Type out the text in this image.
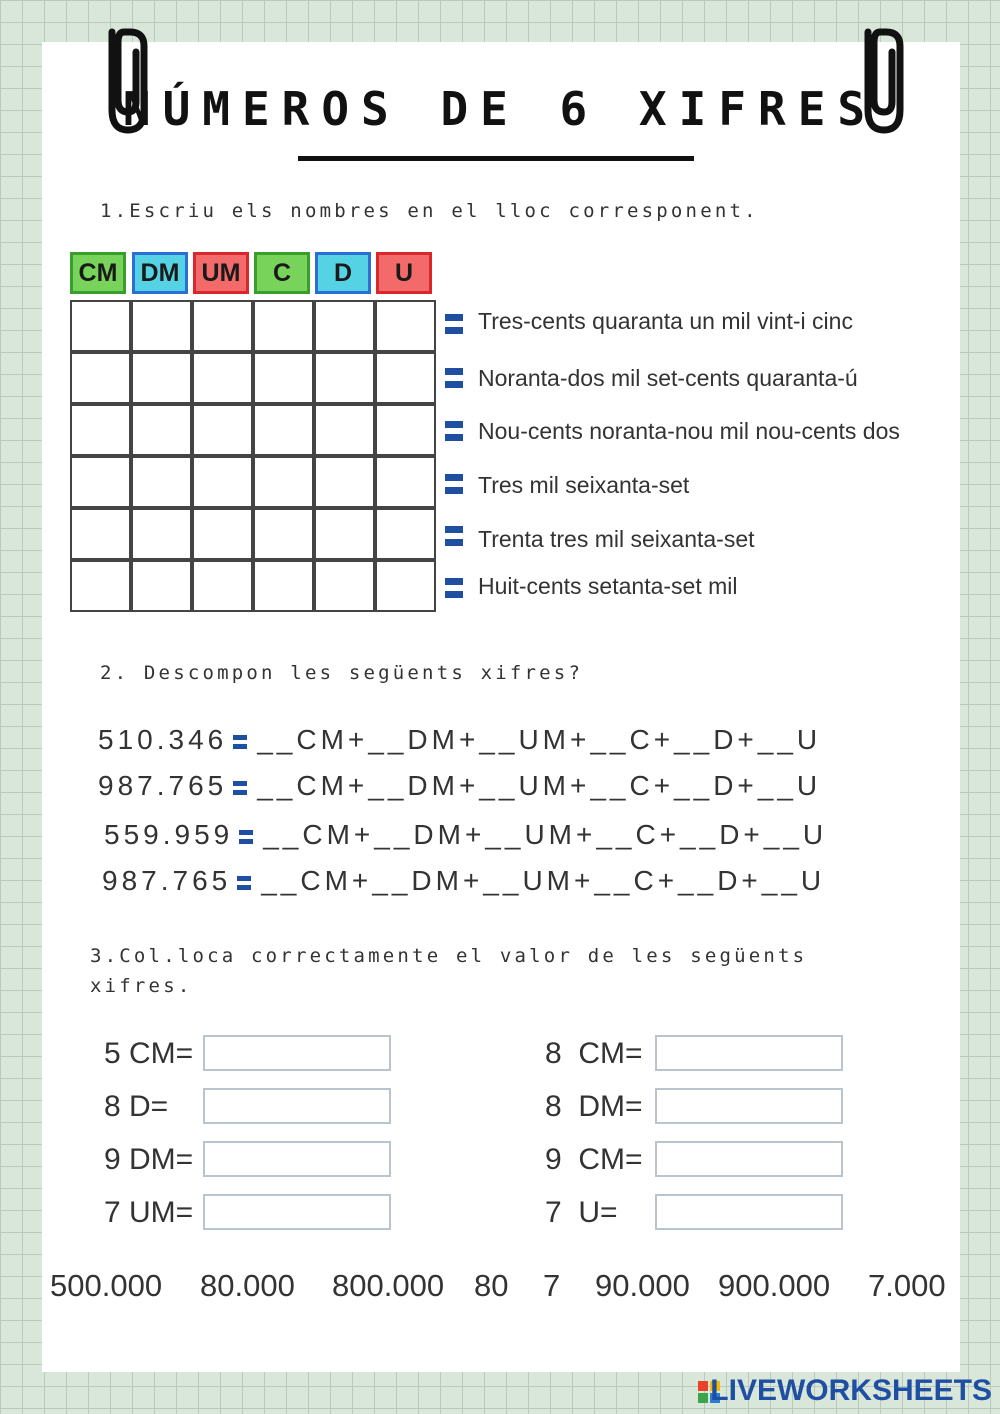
NÚMEROS DE 6 XIFRES
1.Escriu els nombres en el lloc corresponent.
CM DM UM	C	D	U
Tres-cents quaranta un mil vint-i cinc
Noranta-dos mil set-cents quaranta-ú
Nou-cents noranta-nou mil nou-cents dos
Tres mil seixanta-set
Trenta tres mil seixanta-set
Huit-cents setanta-set mil
2. Descompon les següents xifres?
510.346 __CM+__DM+__UM+__C+__D+__U
987.765 __CM+__DM+__UM+__C+__D+__U
559.959 __CM+__DM+__UM+__C+__D+__U
987.765 __CM+__DM+__UM+__C+__D+__U
3.Col.loca correctamente el valor de les següents
xifres.
5 CM=
8 D=
9 DM=
7 UM=
8  CM=
8  DM=
9  CM=
7  U=
500.000 80.000 800.000 80 7 90.000 900.000 7.000
LIVEWORKSHEETS
